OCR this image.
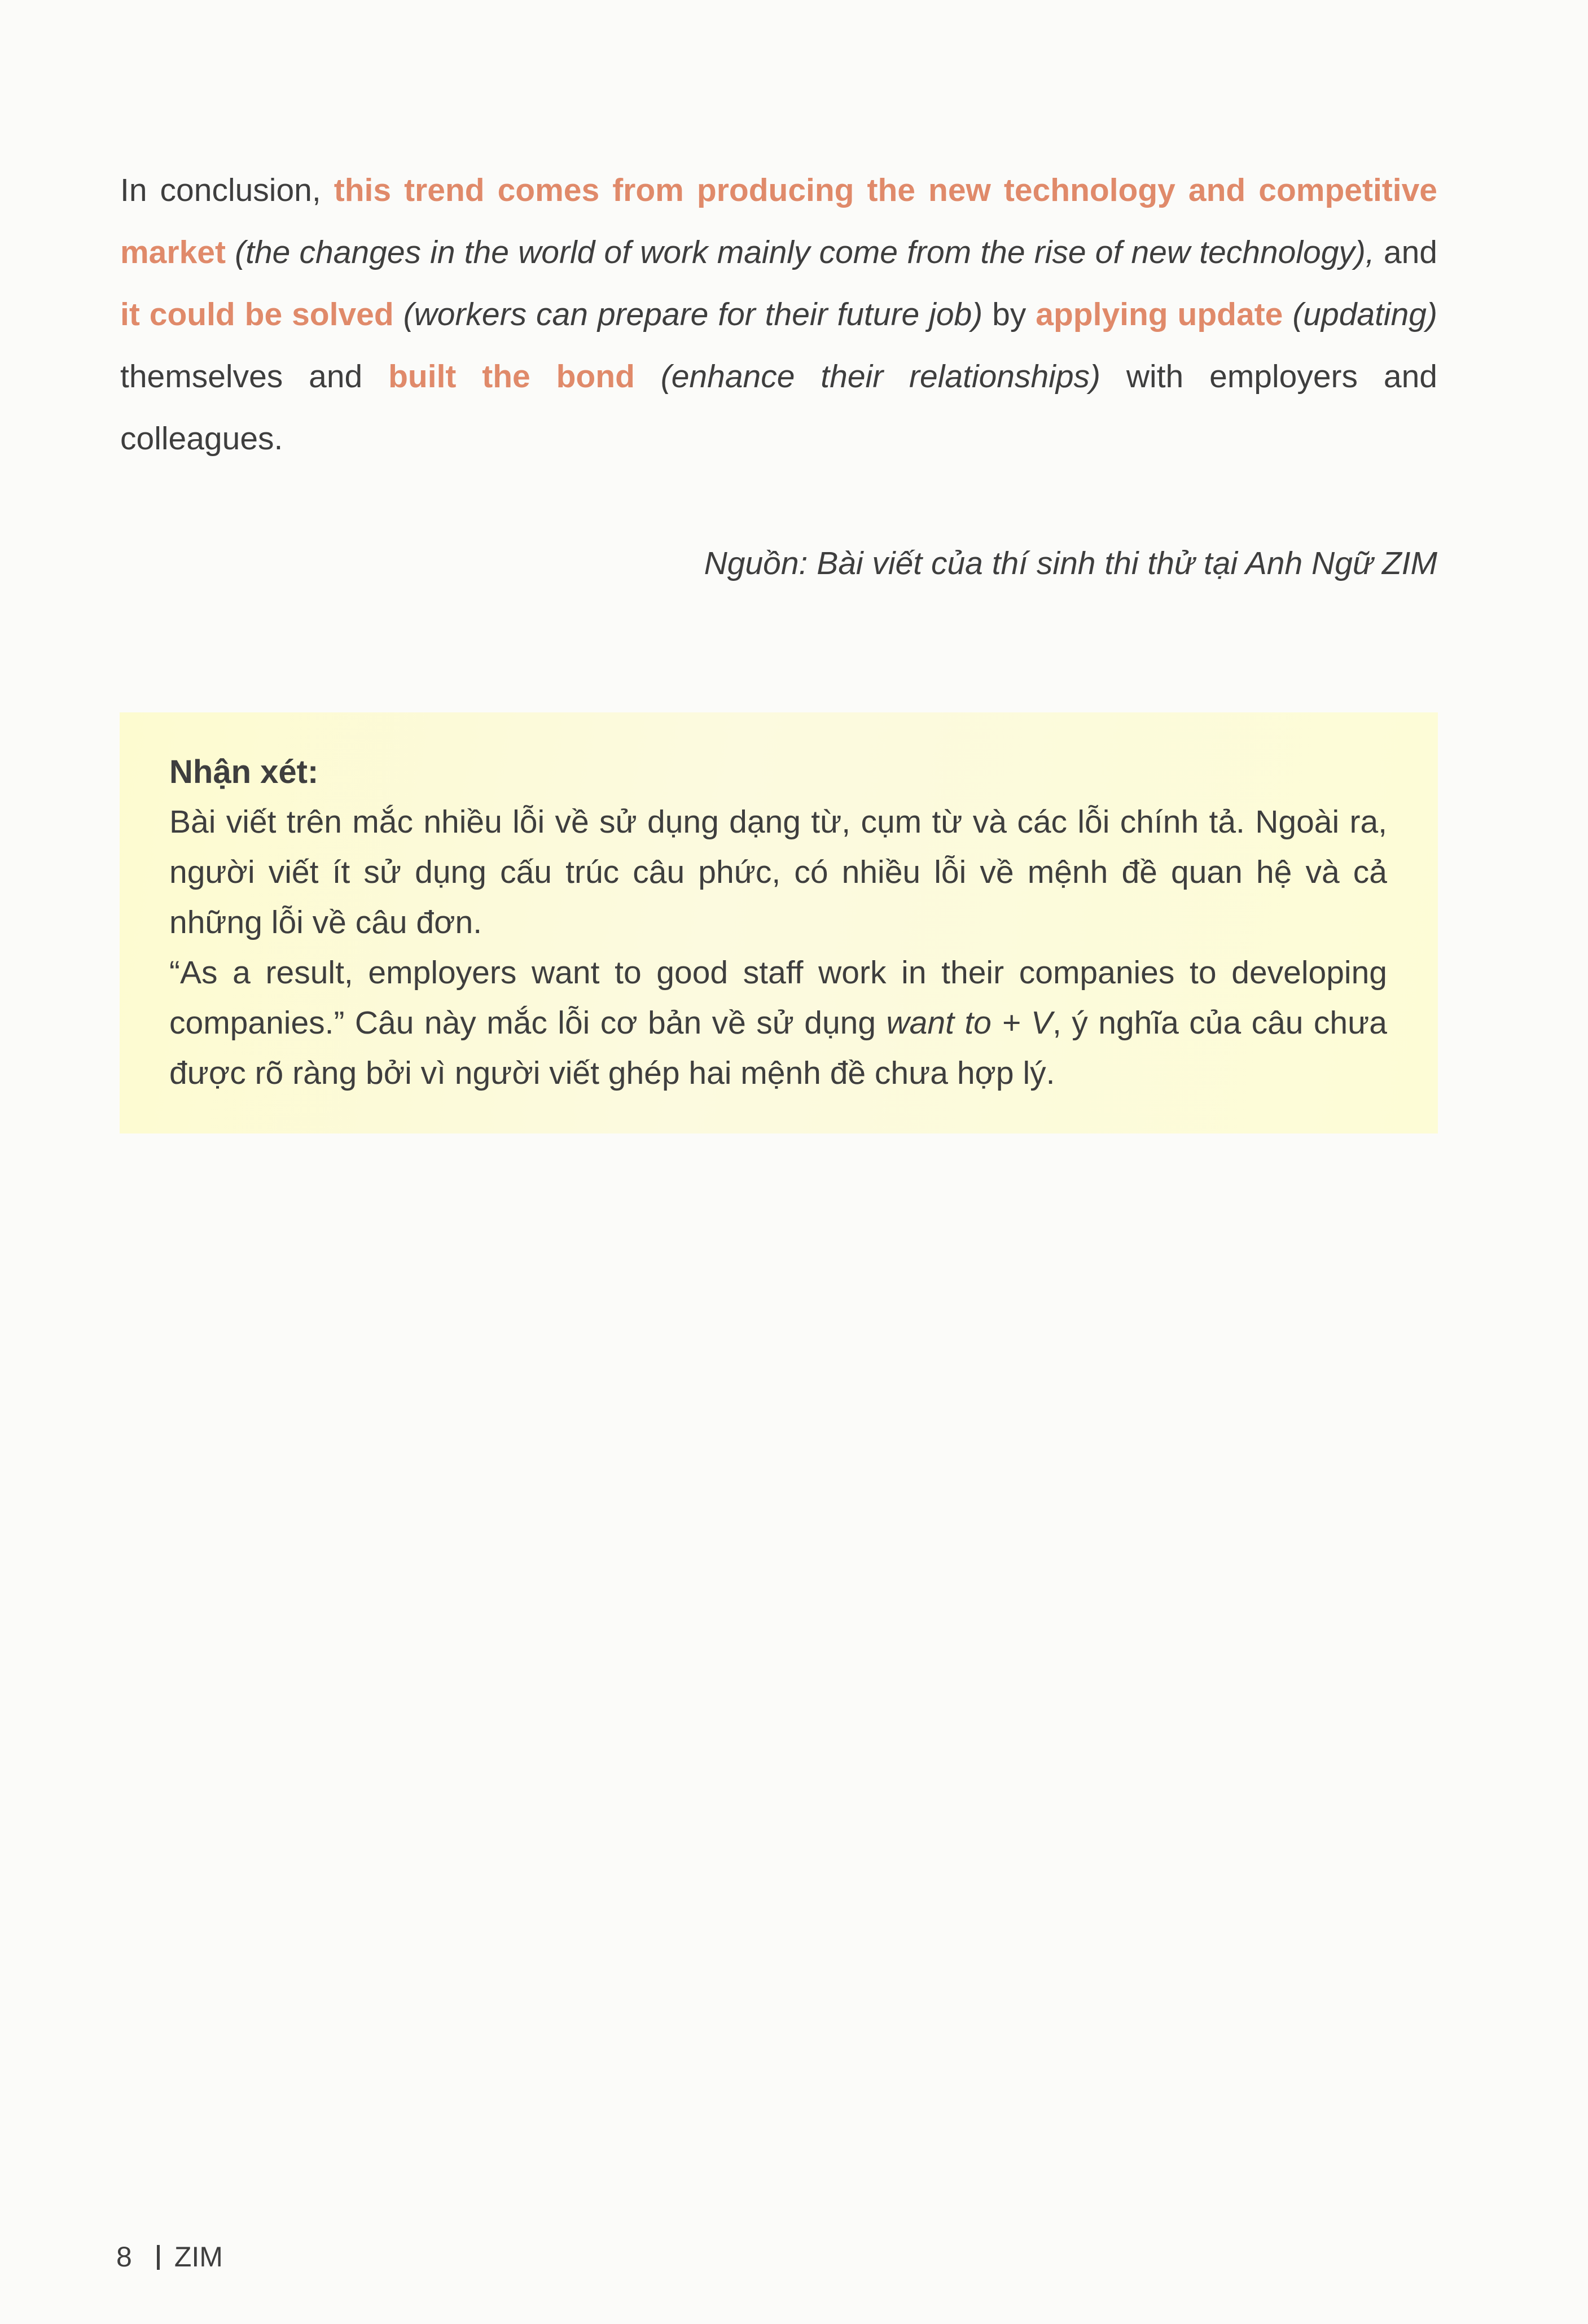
In conclusion, this trend comes from producing the new technology and competitive market (the changes in the world of work mainly come from the rise of new technology), and it could be solved (workers can prepare for their future job) by applying update (updating) themselves and built the bond (enhance their relationships) with employers and colleagues.

Nguồn: Bài viết của thí sinh thi thử tại Anh Ngữ ZIM

Nhận xét:

Bài viết trên mắc nhiều lỗi về sử dụng dạng từ, cụm từ và các lỗi chính tả. Ngoài ra, người viết ít sử dụng cấu trúc câu phức, có nhiều lỗi về mệnh đề quan hệ và cả những lỗi về câu đơn.

“As a result, employers want to good staff work in their companies to developing companies.” Câu này mắc lỗi cơ bản về sử dụng want to + V, ý nghĩa của câu chưa được rõ ràng bởi vì người viết ghép hai mệnh đề chưa hợp lý.

8 ZIM
